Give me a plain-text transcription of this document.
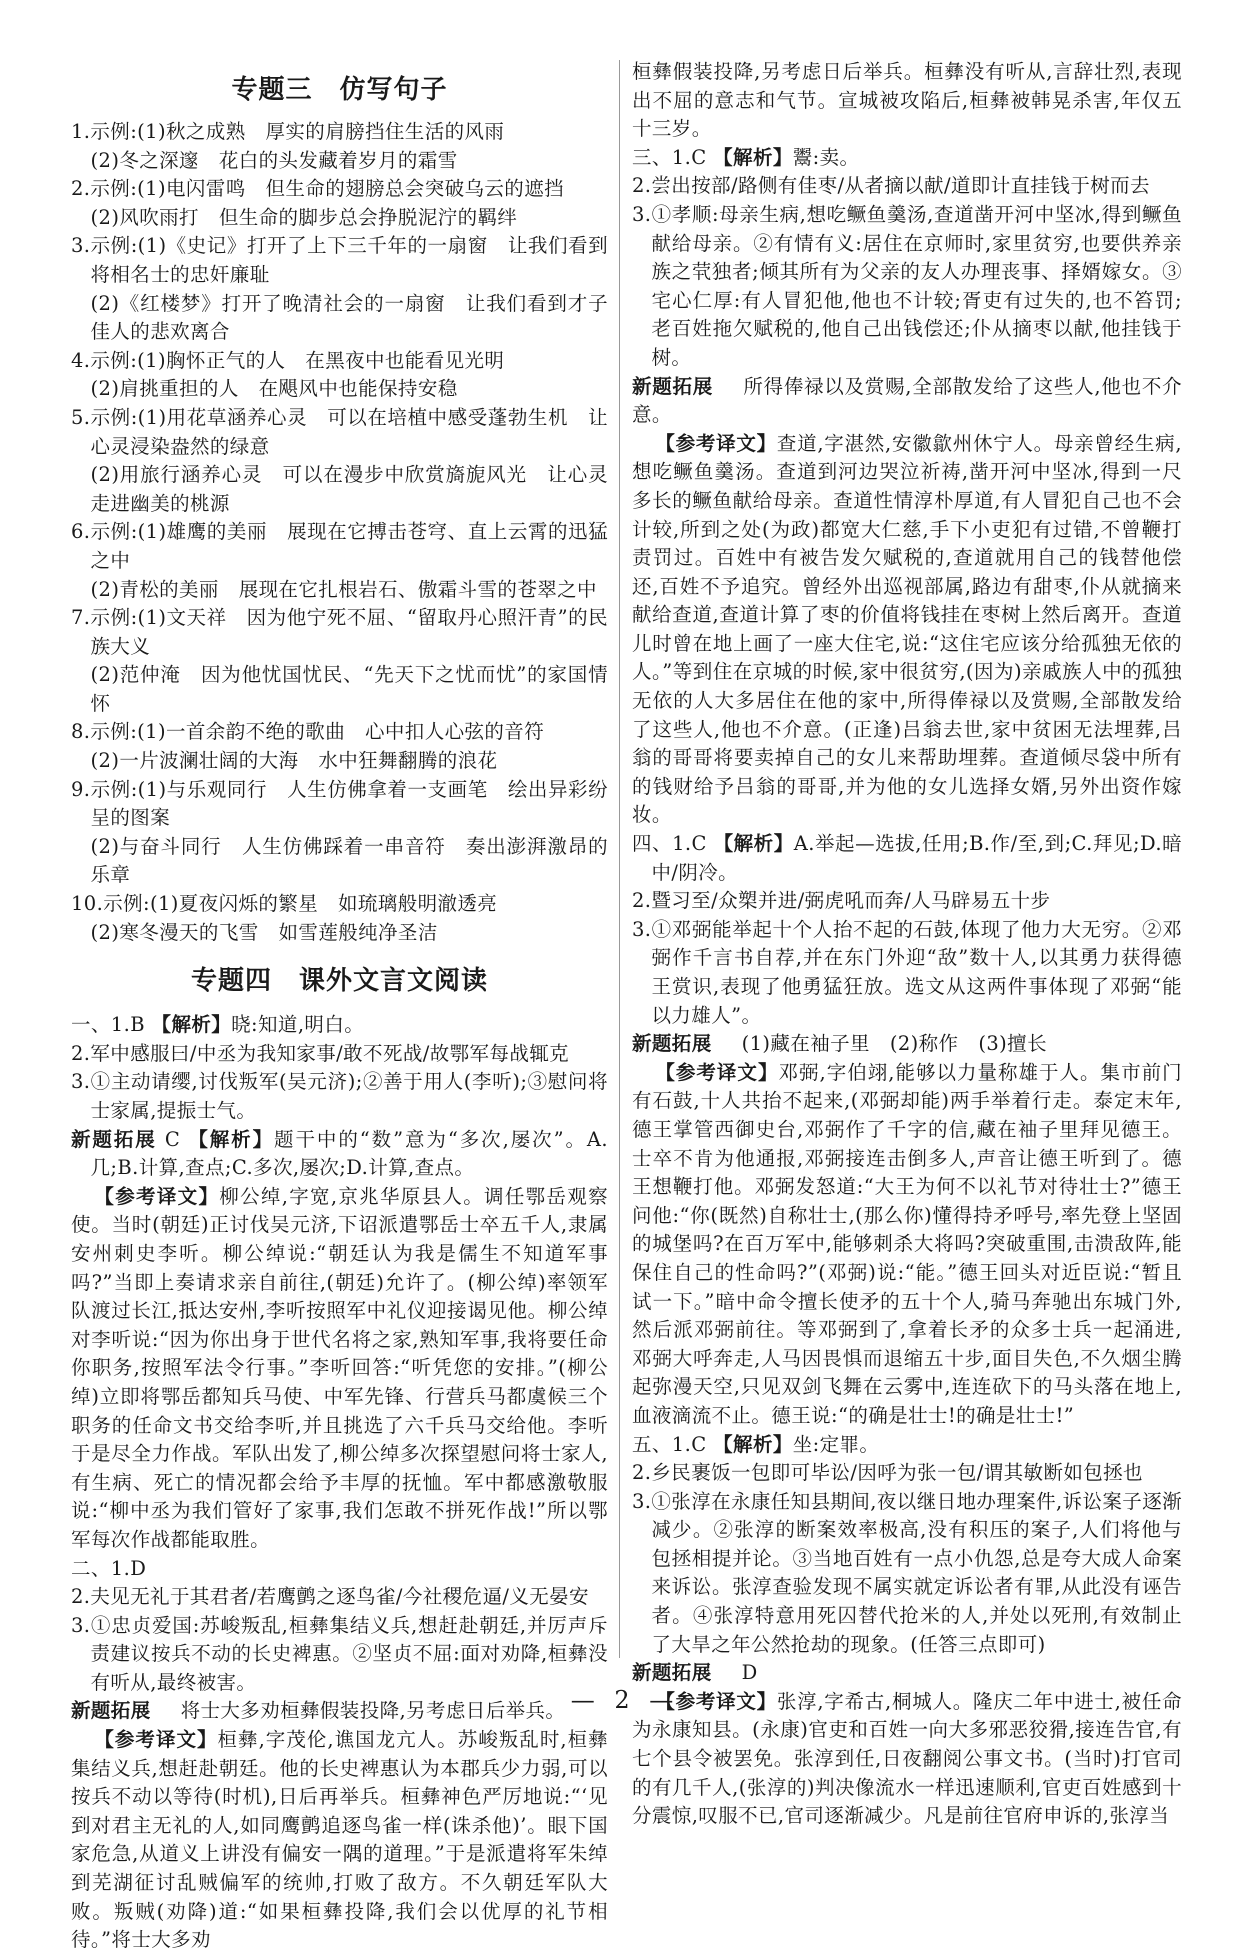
专题三　仿写句子

1.示例:(1)秋之成熟　厚实的肩膀挡住生活的风雨

(2)冬之深邃　花白的头发藏着岁月的霜雪

2.示例:(1)电闪雷鸣　但生命的翅膀总会突破乌云的遮挡

(2)风吹雨打　但生命的脚步总会挣脱泥泞的羁绊

3.示例:(1)《史记》打开了上下三千年的一扇窗　让我们看到将相名士的忠奸廉耻

(2)《红楼梦》打开了晚清社会的一扇窗　让我们看到才子佳人的悲欢离合

4.示例:(1)胸怀正气的人　在黑夜中也能看见光明

(2)肩挑重担的人　在飓风中也能保持安稳

5.示例:(1)用花草涵养心灵　可以在培植中感受蓬勃生机　让心灵浸染盎然的绿意

(2)用旅行涵养心灵　可以在漫步中欣赏旖旎风光　让心灵走进幽美的桃源

6.示例:(1)雄鹰的美丽　展现在它搏击苍穹、直上云霄的迅猛之中

(2)青松的美丽　展现在它扎根岩石、傲霜斗雪的苍翠之中

7.示例:(1)文天祥　因为他宁死不屈、“留取丹心照汗青”的民族大义

(2)范仲淹　因为他忧国忧民、“先天下之忧而忧”的家国情怀

8.示例:(1)一首余韵不绝的歌曲　心中扣人心弦的音符

(2)一片波澜壮阔的大海　水中狂舞翻腾的浪花

9.示例:(1)与乐观同行　人生仿佛拿着一支画笔　绘出异彩纷呈的图案

(2)与奋斗同行　人生仿佛踩着一串音符　奏出澎湃激昂的乐章

10.示例:(1)夏夜闪烁的繁星　如琉璃般明澈透亮

(2)寒冬漫天的飞雪　如雪莲般纯净圣洁

专题四　课外文言文阅读

一、1.B 【解析】晓:知道,明白。

2.军中感服曰/中丞为我知家事/敢不死战/故鄂军每战辄克

3.①主动请缨,讨伐叛军(吴元济);②善于用人(李听);③慰问将士家属,提振士气。

新题拓展 C 【解析】题干中的“数”意为“多次,屡次”。A.几;B.计算,查点;C.多次,屡次;D.计算,查点。

【参考译文】柳公绰,字宽,京兆华原县人。调任鄂岳观察使。当时(朝廷)正讨伐吴元济,下诏派遣鄂岳士卒五千人,隶属安州刺史李听。柳公绰说:“朝廷认为我是儒生不知道军事吗?”当即上奏请求亲自前往,(朝廷)允许了。(柳公绰)率领军队渡过长江,抵达安州,李听按照军中礼仪迎接谒见他。柳公绰对李听说:“因为你出身于世代名将之家,熟知军事,我将要任命你职务,按照军法令行事。”李听回答:“听凭您的安排。”(柳公绰)立即将鄂岳都知兵马使、中军先锋、行营兵马都虞候三个职务的任命文书交给李听,并且挑选了六千兵马交给他。李听于是尽全力作战。军队出发了,柳公绰多次探望慰问将士家人,有生病、死亡的情况都会给予丰厚的抚恤。军中都感激敬服说:“柳中丞为我们管好了家事,我们怎敢不拼死作战!”所以鄂军每次作战都能取胜。

二、1.D

2.夫见无礼于其君者/若鹰鹯之逐鸟雀/今社稷危逼/义无晏安

3.①忠贞爱国:苏峻叛乱,桓彝集结义兵,想赶赴朝廷,并厉声斥责建议按兵不动的长史裨惠。②坚贞不屈:面对劝降,桓彝没有听从,最终被害。

新题拓展 将士大多劝桓彝假装投降,另考虑日后举兵。

【参考译文】桓彝,字茂伦,谯国龙亢人。苏峻叛乱时,桓彝集结义兵,想赶赴朝廷。他的长史裨惠认为本郡兵少力弱,可以按兵不动以等待(时机),日后再举兵。桓彝神色严厉地说:“‘见到对君主无礼的人,如同鹰鹯追逐鸟雀一样(诛杀他)’。眼下国家危急,从道义上讲没有偏安一隅的道理。”于是派遣将军朱绰到芜湖征讨乱贼偏军的统帅,打败了敌方。不久朝廷军队大败。叛贼(劝降)道:“如果桓彝投降,我们会以优厚的礼节相待。”将士大多劝

桓彝假装投降,另考虑日后举兵。桓彝没有听从,言辞壮烈,表现出不屈的意志和气节。宣城被攻陷后,桓彝被韩晃杀害,年仅五十三岁。

三、1.C 【解析】鬻:卖。

2.尝出按部/路侧有佳枣/从者摘以献/道即计直挂钱于树而去

3.①孝顺:母亲生病,想吃鳜鱼羹汤,查道凿开河中坚冰,得到鳜鱼献给母亲。②有情有义:居住在京师时,家里贫穷,也要供养亲族之茕独者;倾其所有为父亲的友人办理丧事、择婿嫁女。③宅心仁厚:有人冒犯他,他也不计较;胥吏有过失的,也不笞罚;老百姓拖欠赋税的,他自己出钱偿还;仆从摘枣以献,他挂钱于树。

新题拓展 所得俸禄以及赏赐,全部散发给了这些人,他也不介意。

【参考译文】查道,字湛然,安徽歙州休宁人。母亲曾经生病,想吃鳜鱼羹汤。查道到河边哭泣祈祷,凿开河中坚冰,得到一尺多长的鳜鱼献给母亲。查道性情淳朴厚道,有人冒犯自己也不会计较,所到之处(为政)都宽大仁慈,手下小吏犯有过错,不曾鞭打责罚过。百姓中有被告发欠赋税的,查道就用自己的钱替他偿还,百姓不予追究。曾经外出巡视部属,路边有甜枣,仆从就摘来献给查道,查道计算了枣的价值将钱挂在枣树上然后离开。查道儿时曾在地上画了一座大住宅,说:“这住宅应该分给孤独无依的人。”等到住在京城的时候,家中很贫穷,(因为)亲戚族人中的孤独无依的人大多居住在他的家中,所得俸禄以及赏赐,全部散发给了这些人,他也不介意。(正逢)吕翁去世,家中贫困无法埋葬,吕翁的哥哥将要卖掉自己的女儿来帮助埋葬。查道倾尽袋中所有的钱财给予吕翁的哥哥,并为他的女儿选择女婿,另外出资作嫁妆。

四、1.C 【解析】A.举起—选拔,任用;B.作/至,到;C.拜见;D.暗中/阴冷。

2.暨习至/众槊并进/弼虎吼而奔/人马辟易五十步

3.①邓弼能举起十个人抬不起的石鼓,体现了他力大无穷。②邓弼作千言书自荐,并在东门外迎“敌”数十人,以其勇力获得德王赏识,表现了他勇猛狂放。选文从这两件事体现了邓弼“能以力雄人”。

新题拓展 (1)藏在袖子里　(2)称作　(3)擅长

【参考译文】邓弼,字伯翊,能够以力量称雄于人。集市前门有石鼓,十人共抬不起来,(邓弼却能)两手举着行走。泰定末年,德王掌管西御史台,邓弼作了千字的信,藏在袖子里拜见德王。士卒不肯为他通报,邓弼接连击倒多人,声音让德王听到了。德王想鞭打他。邓弼发怒道:“大王为何不以礼节对待壮士?”德王问他:“你(既然)自称壮士,(那么你)懂得持矛呼号,率先登上坚固的城堡吗?在百万军中,能够刺杀大将吗?突破重围,击溃敌阵,能保住自己的性命吗?”(邓弼)说:“能。”德王回头对近臣说:“暂且试一下。”暗中命令擅长使矛的五十个人,骑马奔驰出东城门外,然后派邓弼前往。等邓弼到了,拿着长矛的众多士兵一起涌进,邓弼大呼奔走,人马因畏惧而退缩五十步,面目失色,不久烟尘腾起弥漫天空,只见双剑飞舞在云雾中,连连砍下的马头落在地上,血液滴流不止。德王说:“的确是壮士!的确是壮士!”

五、1.C 【解析】坐:定罪。

2.乡民裹饭一包即可毕讼/因呼为张一包/谓其敏断如包拯也

3.①张淳在永康任知县期间,夜以继日地办理案件,诉讼案子逐渐减少。②张淳的断案效率极高,没有积压的案子,人们将他与包拯相提并论。③当地百姓有一点小仇怨,总是夸大成人命案来诉讼。张淳查验发现不属实就定诉讼者有罪,从此没有诬告者。④张淳特意用死囚替代抢米的人,并处以死刑,有效制止了大旱之年公然抢劫的现象。(任答三点即可)

新题拓展 D

【参考译文】张淳,字希古,桐城人。隆庆二年中进士,被任命为永康知县。(永康)官吏和百姓一向大多邪恶狡猾,接连告官,有七个县令被罢免。张淳到任,日夜翻阅公事文书。(当时)打官司的有几千人,(张淳的)判决像流水一样迅速顺利,官吏百姓感到十分震惊,叹服不已,官司逐渐减少。凡是前往官府申诉的,张淳当

— 2 —
